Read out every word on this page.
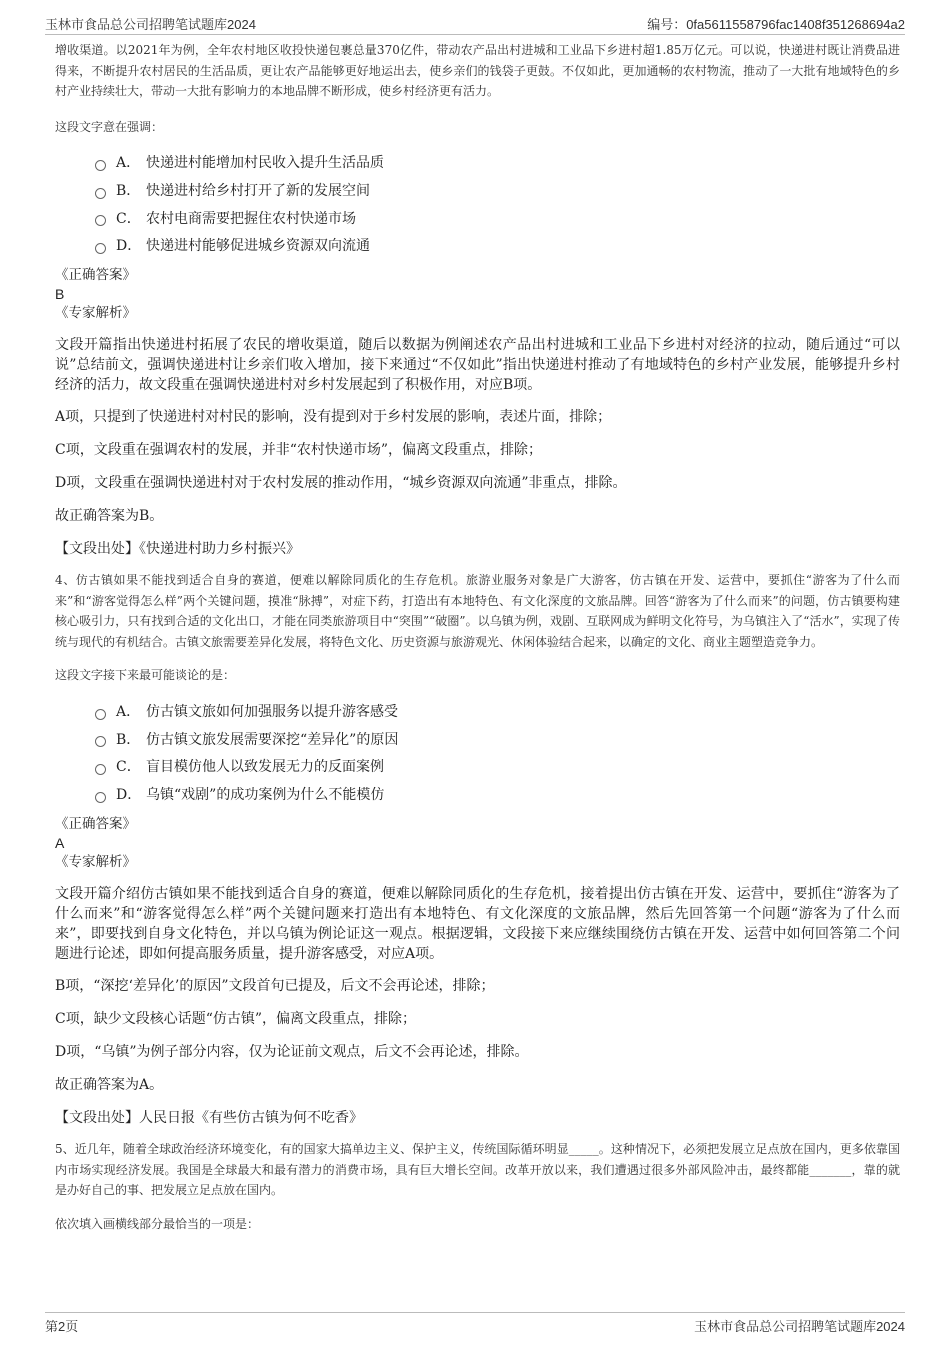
玉林市食品总公司招聘笔试题库2024	编号：0fa5611558796fac1408f351268694a2

增收渠道。以2021年为例，全年农村地区收投快递包裹总量370亿件，带动农产品出村进城和工业品下乡进村超1.85万亿元。可以说，快递进村既让消费品进得来，不断提升农村居民的生活品质，更让农产品能够更好地运出去，使乡亲们的钱袋子更鼓。不仅如此，更加通畅的农村物流，推动了一大批有地域特色的乡村产业持续壮大，带动一大批有影响力的本地品牌不断形成，使乡村经济更有活力。

这段文字意在强调：

A． 快递进村能增加村民收入提升生活品质
B． 快递进村给乡村打开了新的发展空间
C． 农村电商需要把握住农村快递市场
D． 快递进村能够促进城乡资源双向流通

《正确答案》

B

《专家解析》

文段开篇指出快递进村拓展了农民的增收渠道，随后以数据为例阐述农产品出村进城和工业品下乡进村对经济的拉动，随后通过“可以说”总结前文，强调快递进村让乡亲们收入增加，接下来通过“不仅如此”指出快递进村推动了有地域特色的乡村产业发展，能够提升乡村经济的活力，故文段重在强调快递进村对乡村发展起到了积极作用，对应B项。

A项，只提到了快递进村对村民的影响，没有提到对于乡村发展的影响，表述片面，排除；

C项，文段重在强调农村的发展，并非“农村快递市场”，偏离文段重点，排除；

D项，文段重在强调快递进村对于农村发展的推动作用，“城乡资源双向流通”非重点，排除。

故正确答案为B。

【文段出处】《快递进村助力乡村振兴》

4、仿古镇如果不能找到适合自身的赛道，便难以解除同质化的生存危机。旅游业服务对象是广大游客，仿古镇在开发、运营中，要抓住“游客为了什么而来”和“游客觉得怎么样”两个关键问题，摸准“脉搏”，对症下药，打造出有本地特色、有文化深度的文旅品牌。回答“游客为了什么而来”的问题，仿古镇要构建核心吸引力，只有找到合适的文化出口，才能在同类旅游项目中“突围”“破圈”。以乌镇为例，戏剧、互联网成为鲜明文化符号，为乌镇注入了“活水”，实现了传统与现代的有机结合。古镇文旅需要差异化发展，将特色文化、历史资源与旅游观光、休闲体验结合起来，以确定的文化、商业主题塑造竞争力。

这段文字接下来最可能谈论的是：

A． 仿古镇文旅如何加强服务以提升游客感受
B． 仿古镇文旅发展需要深挖“差异化”的原因
C． 盲目模仿他人以致发展无力的反面案例
D． 乌镇“戏剧”的成功案例为什么不能模仿

《正确答案》

A

《专家解析》

文段开篇介绍仿古镇如果不能找到适合自身的赛道，便难以解除同质化的生存危机，接着提出仿古镇在开发、运营中，要抓住“游客为了什么而来”和“游客觉得怎么样”两个关键问题来打造出有本地特色、有文化深度的文旅品牌，然后先回答第一个问题“游客为了什么而来”，即要找到自身文化特色，并以乌镇为例论证这一观点。根据逻辑，文段接下来应继续围绕仿古镇在开发、运营中如何回答第二个问题进行论述，即如何提高服务质量，提升游客感受，对应A项。

B项，“深挖‘差异化’的原因”文段首句已提及，后文不会再论述，排除；

C项，缺少文段核心话题“仿古镇”，偏离文段重点，排除；

D项，“乌镇”为例子部分内容，仅为论证前文观点，后文不会再论述，排除。

故正确答案为A。

【文段出处】人民日报《有些仿古镇为何不吃香》

5、近几年，随着全球政治经济环境变化，有的国家大搞单边主义、保护主义，传统国际循环明显_____。这种情况下，必须把发展立足点放在国内，更多依靠国内市场实现经济发展。我国是全球最大和最有潜力的消费市场，具有巨大增长空间。改革开放以来，我们遭遇过很多外部风险冲击，最终都能_______，靠的就是办好自己的事、把发展立足点放在国内。

依次填入画横线部分最恰当的一项是：

第2页	玉林市食品总公司招聘笔试题库2024
